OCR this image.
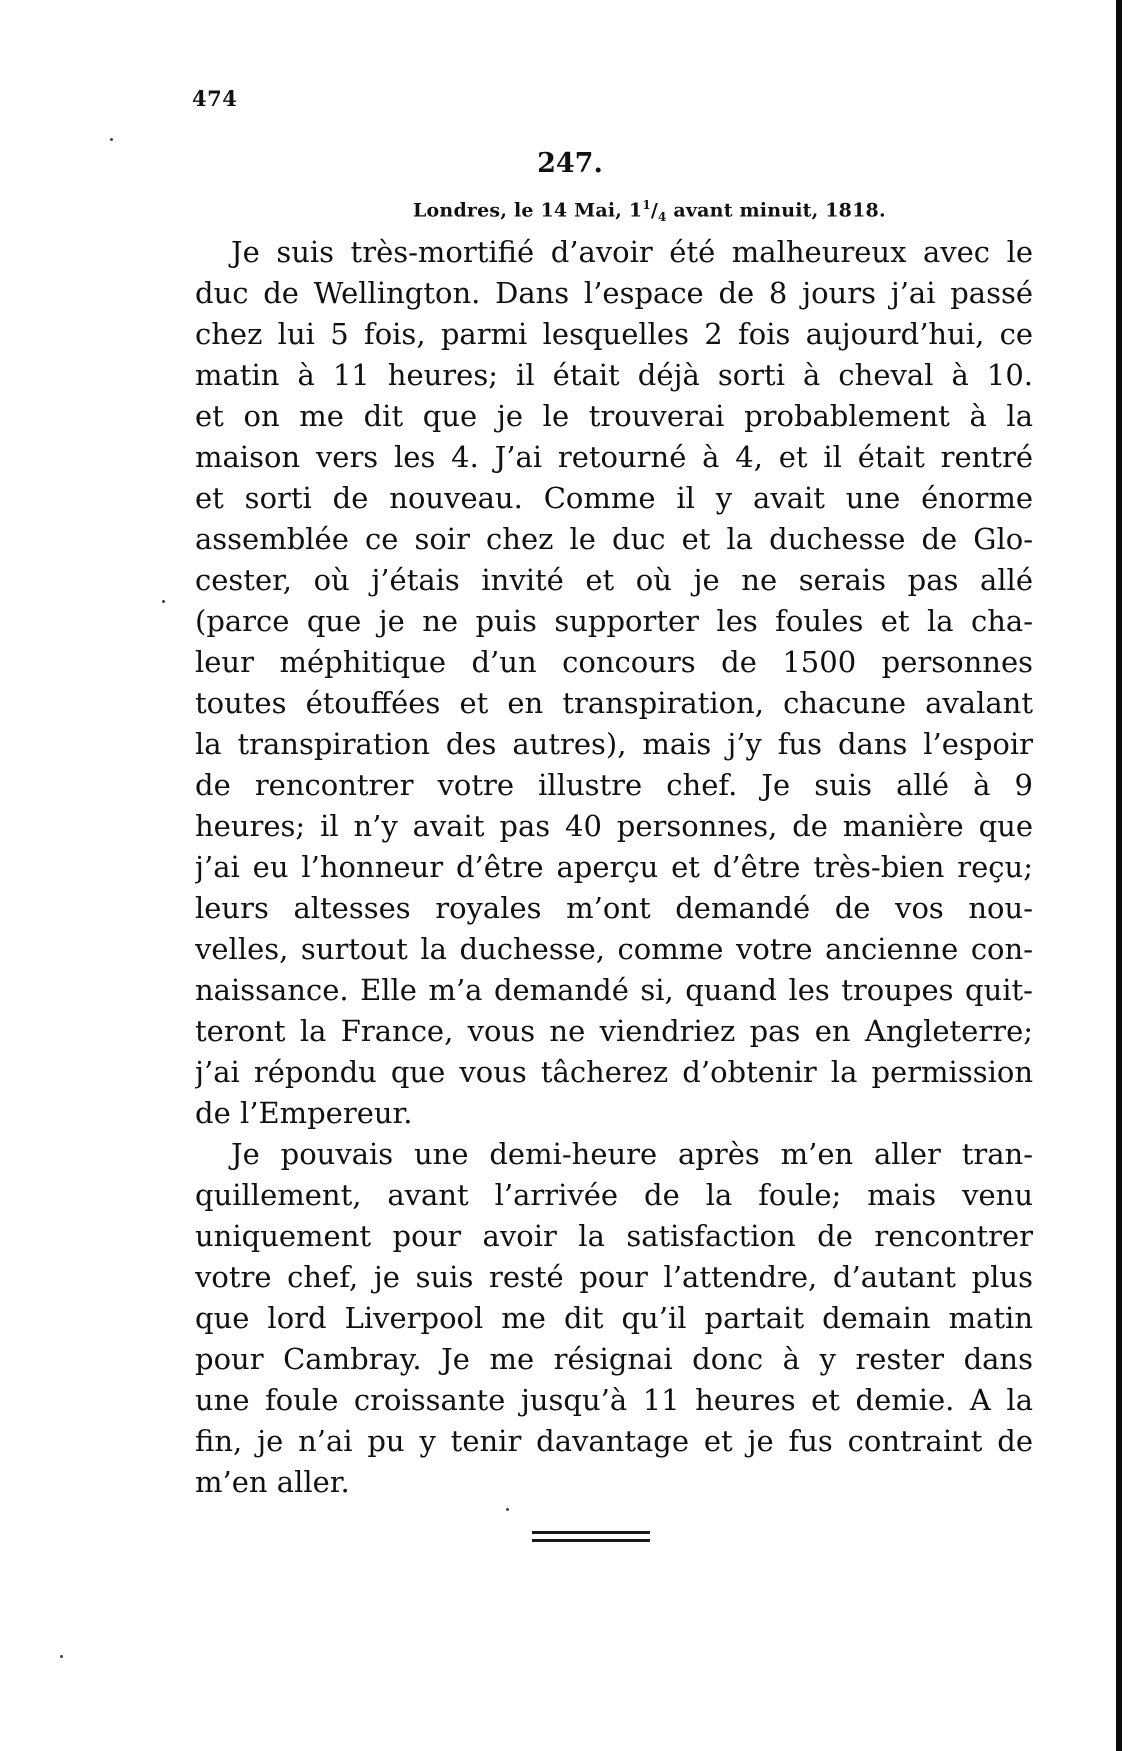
474
247.
Londres, le 14 Mai, $1^1/_4$ avant minuit, 1818.
Je suis très-mortifié d’avoir été malheureux avec le
duc de Wellington. Dans l’espace de 8 jours j’ai passé
chez lui 5 fois, parmi lesquelles 2 fois aujourd’hui, ce
matin à 11 heures; il était déjà sorti à cheval à 10.
et on me dit que je le trouverai probablement à la
maison vers les 4. J’ai retourné à 4, et il était rentré
et sorti de nouveau. Comme il y avait une énorme
assemblée ce soir chez le duc et la duchesse de Glo-
cester, où j’étais invité et où je ne serais pas allé
(parce que je ne puis supporter les foules et la cha-
leur méphitique d’un concours de 1500 personnes
toutes étouffées et en transpiration, chacune avalant
la transpiration des autres), mais j’y fus dans l’espoir
de rencontrer votre illustre chef. Je suis allé à 9
heures; il n’y avait pas 40 personnes, de manière que
j’ai eu l’honneur d’être aperçu et d’être très-bien reçu;
leurs altesses royales m’ont demandé de vos nou-
velles, surtout la duchesse, comme votre ancienne con-
naissance. Elle m’a demandé si, quand les troupes quit-
teront la France, vous ne viendriez pas en Angleterre;
j’ai répondu que vous tâcherez d’obtenir la permission
de l’Empereur.
Je pouvais une demi-heure après m’en aller tran-
quillement, avant l’arrivée de la foule; mais venu
uniquement pour avoir la satisfaction de rencontrer
votre chef, je suis resté pour l’attendre, d’autant plus
que lord Liverpool me dit qu’il partait demain matin
pour Cambray. Je me résignai donc à y rester dans
une foule croissante jusqu’à 11 heures et demie. A la
fin, je n’ai pu y tenir davantage et je fus contraint de
m’en aller.
